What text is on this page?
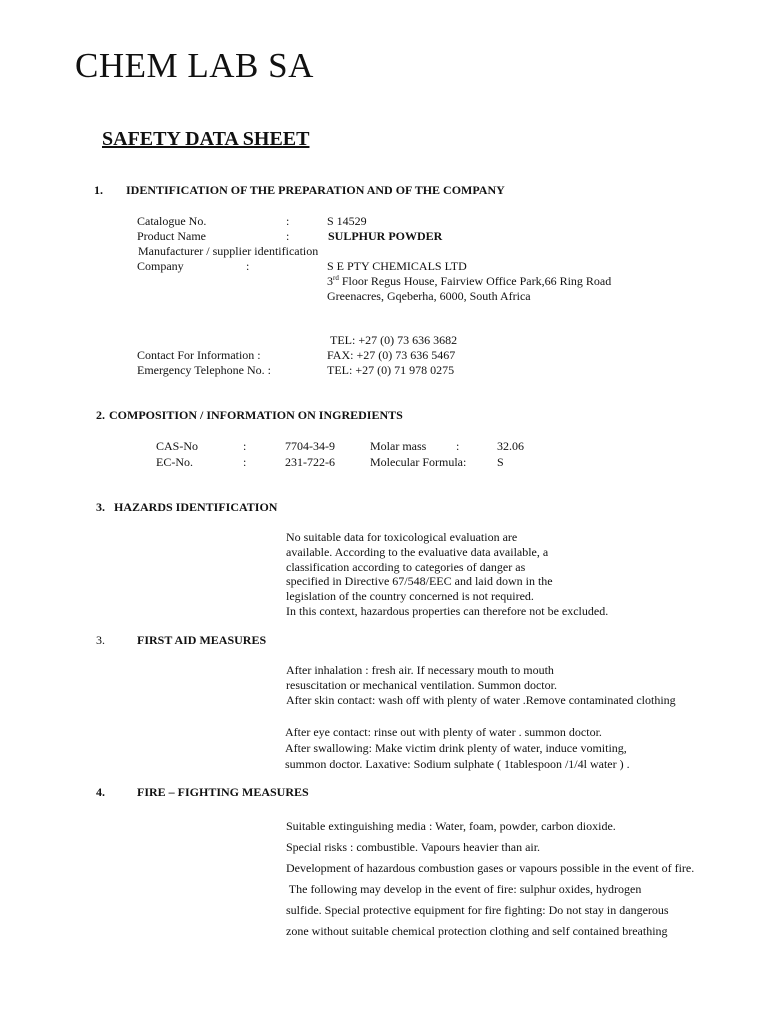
CHEM LAB SA
SAFETY DATA SHEET
1. IDENTIFICATION OF THE PREPARATION AND OF THE COMPANY
Catalogue No.	:	S 14529
Product Name	:	SULPHUR POWDER
Manufacturer / supplier identification
Company	:	S E PTY CHEMICALS LTD
3rd Floor Regus House, Fairview Office Park,66 Ring Road
Greenacres, Gqeberha, 6000, South Africa
TEL: +27 (0) 73 636 3682
Contact For Information :	FAX: +27 (0) 73 636 5467
Emergency Telephone No. :	TEL: +27 (0) 71 978 0275
2. COMPOSITION / INFORMATION ON INGREDIENTS
CAS-No	:	7704-34-9	Molar mass :	32.06
EC-No.	:	231-722-6	Molecular Formula:	S
3. HAZARDS IDENTIFICATION
No suitable data for toxicological evaluation are
available. According to the evaluative data available, a
classification according to categories of danger as
specified in Directive 67/548/EEC and laid down in the
legislation of the country concerned is not required.
In this context, hazardous properties can therefore not be excluded.
3.	FIRST AID MEASURES
After inhalation : fresh air. If necessary mouth to mouth
resuscitation or mechanical ventilation. Summon doctor.
After skin contact: wash off with plenty of water .Remove contaminated clothing
After eye contact: rinse out with plenty of water . summon doctor.
After swallowing: Make victim drink plenty of water, induce vomiting,
summon doctor. Laxative: Sodium sulphate ( 1tablespoon /1/4l water ) .
4.	FIRE – FIGHTING MEASURES
Suitable extinguishing media : Water, foam, powder, carbon dioxide.
Special risks : combustible. Vapours heavier than air.
Development of hazardous combustion gases or vapours possible in the event of fire.
The following may develop in the event of fire: sulphur oxides, hydrogen
sulfide. Special protective equipment for fire fighting: Do not stay in dangerous
zone without suitable chemical protection clothing and self contained breathing
